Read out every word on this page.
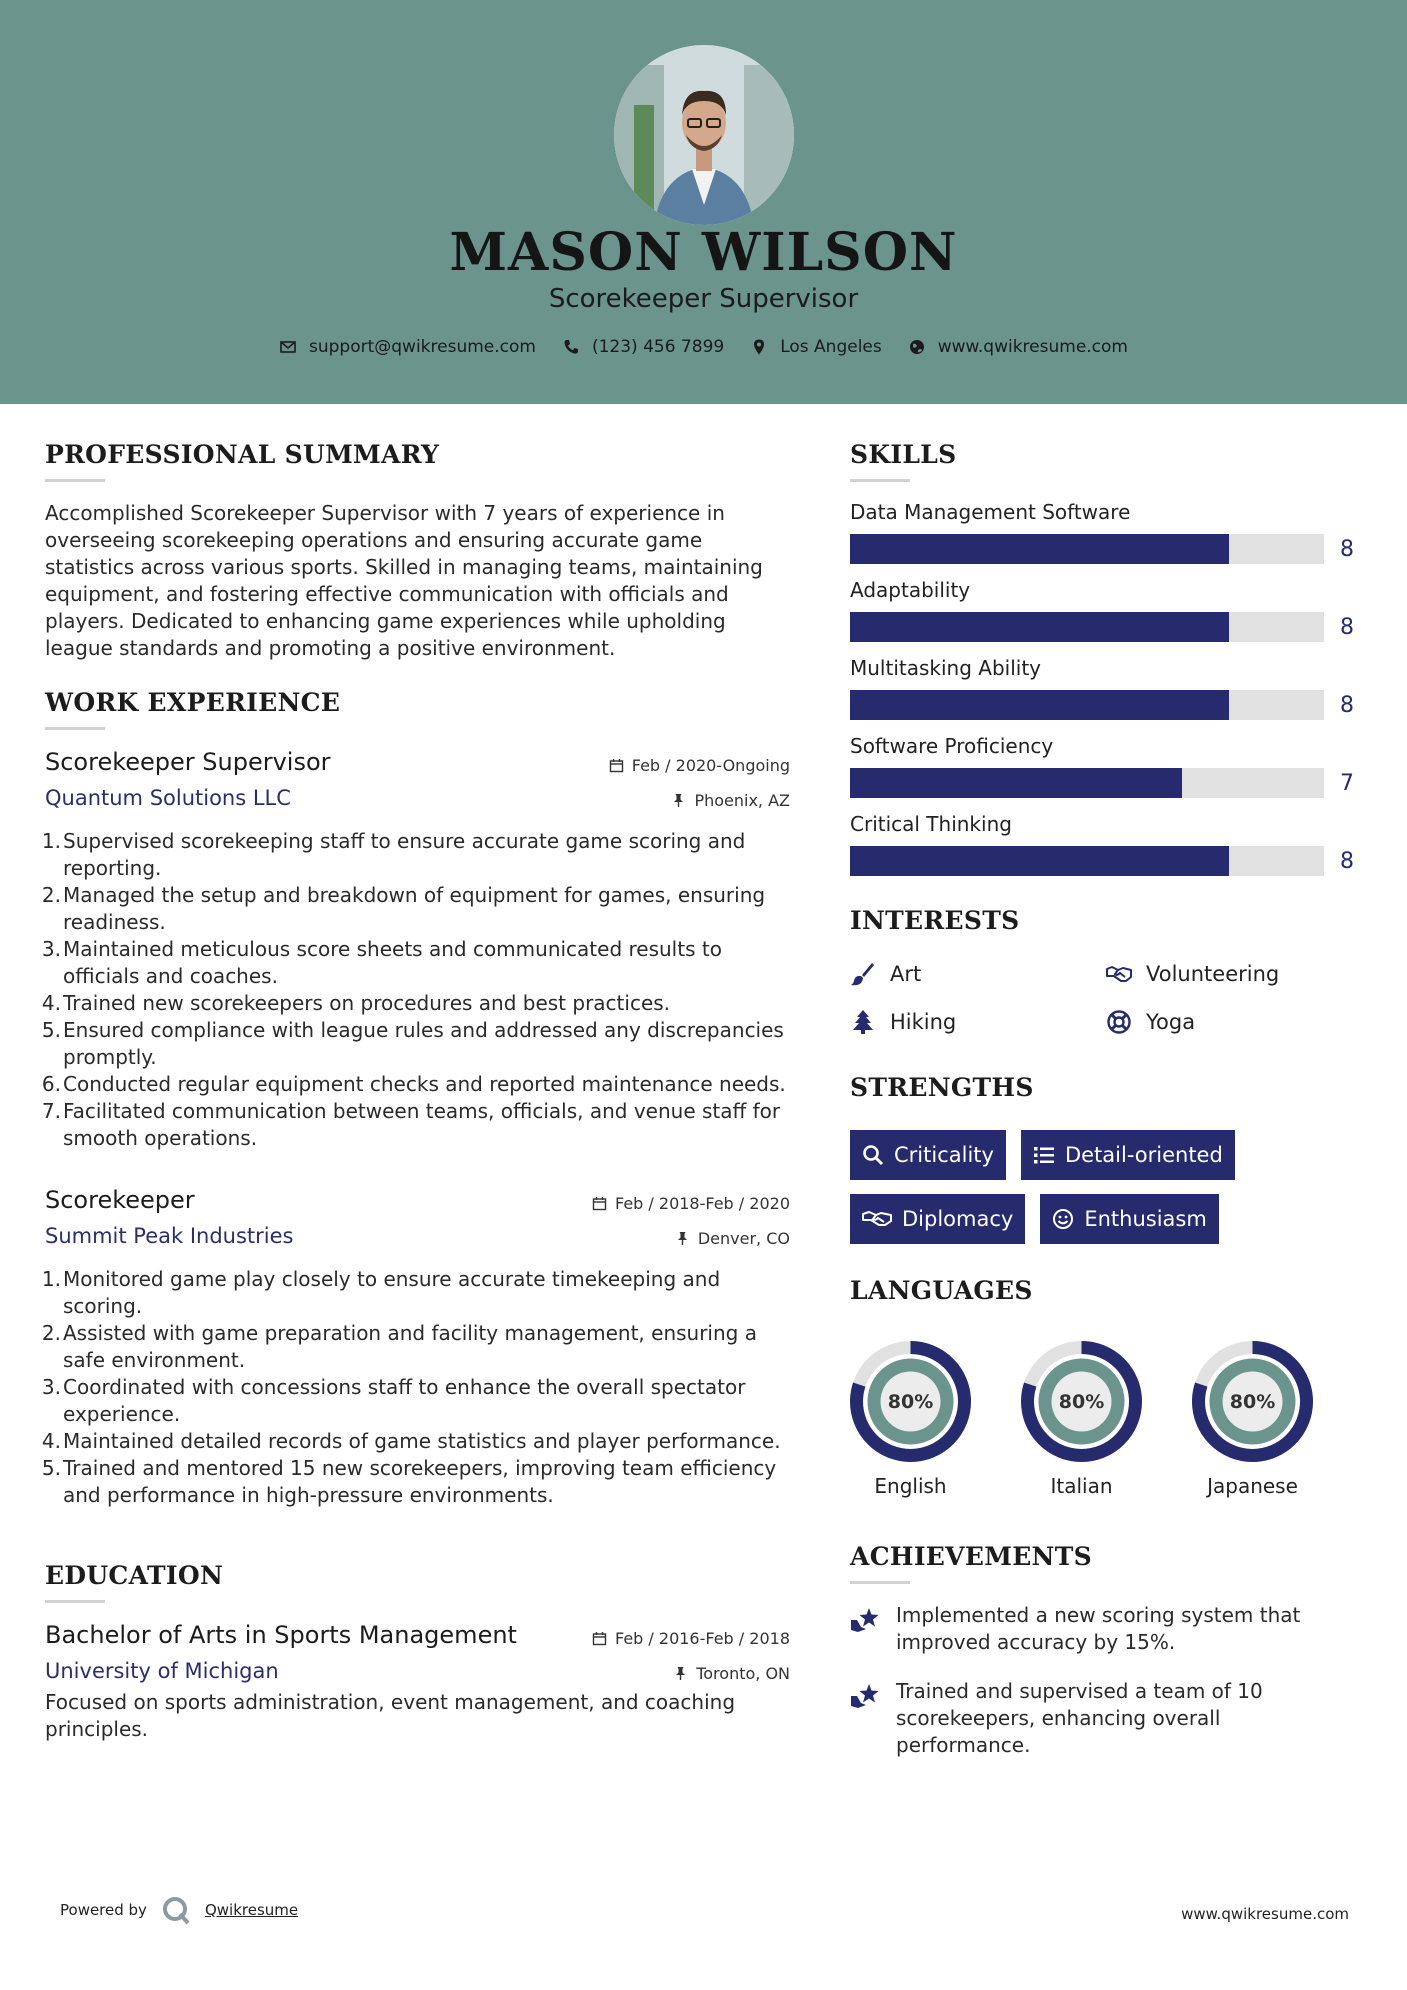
MASON WILSON
Scorekeeper Supervisor
support@qwikresume.com	(123) 456 7899	Los Angeles	www.qwikresume.com
PROFESSIONAL SUMMARY

Accomplished Scorekeeper Supervisor with 7 years of experience in overseeing scorekeeping operations and ensuring accurate game statistics across various sports. Skilled in managing teams, maintaining equipment, and fostering effective communication with officials and players. Dedicated to enhancing game experiences while upholding league standards and promoting a positive environment.

WORK EXPERIENCE
Scorekeeper Supervisor
Quantum Solutions LLC
Feb / 2020-Ongoing
Phoenix, AZ
Supervised scorekeeping staff to ensure accurate game scoring and reporting.
Managed the setup and breakdown of equipment for games, ensuring readiness.
Maintained meticulous score sheets and communicated results to officials and coaches.
Trained new scorekeepers on procedures and best practices.
Ensured compliance with league rules and addressed any discrepancies promptly.
Conducted regular equipment checks and reported maintenance needs.
Facilitated communication between teams, officials, and venue staff for smooth operations.
Scorekeeper
Summit Peak Industries
Feb / 2018-Feb / 2020
Denver, CO
Monitored game play closely to ensure accurate timekeeping and scoring.
Assisted with game preparation and facility management, ensuring a safe environment.
Coordinated with concessions staff to enhance the overall spectator experience.
Maintained detailed records of game statistics and player performance.
Trained and mentored 15 new scorekeepers, improving team efficiency and performance in high-pressure environments.
EDUCATION
Bachelor of Arts in Sports Management
University of Michigan
Feb / 2016-Feb / 2018
Toronto, ON

Focused on sports administration, event management, and coaching principles.

SKILLS
Data Management Software
8
Adaptability
8
Multitasking Ability
8
Software Proficiency
7
Critical Thinking
8
INTERESTS
Art	Volunteering
Hiking	Yoga
STRENGTHS
Criticality	Detail-oriented
Diplomacy	Enthusiasm
LANGUAGES
80%
English
80%
Italian
80%
Japanese
ACHIEVEMENTS
Implemented a new scoring system that improved accuracy by 15%.
Trained and supervised a team of 10 scorekeepers, enhancing overall performance.
Powered by	Qwikresume	www.qwikresume.com
